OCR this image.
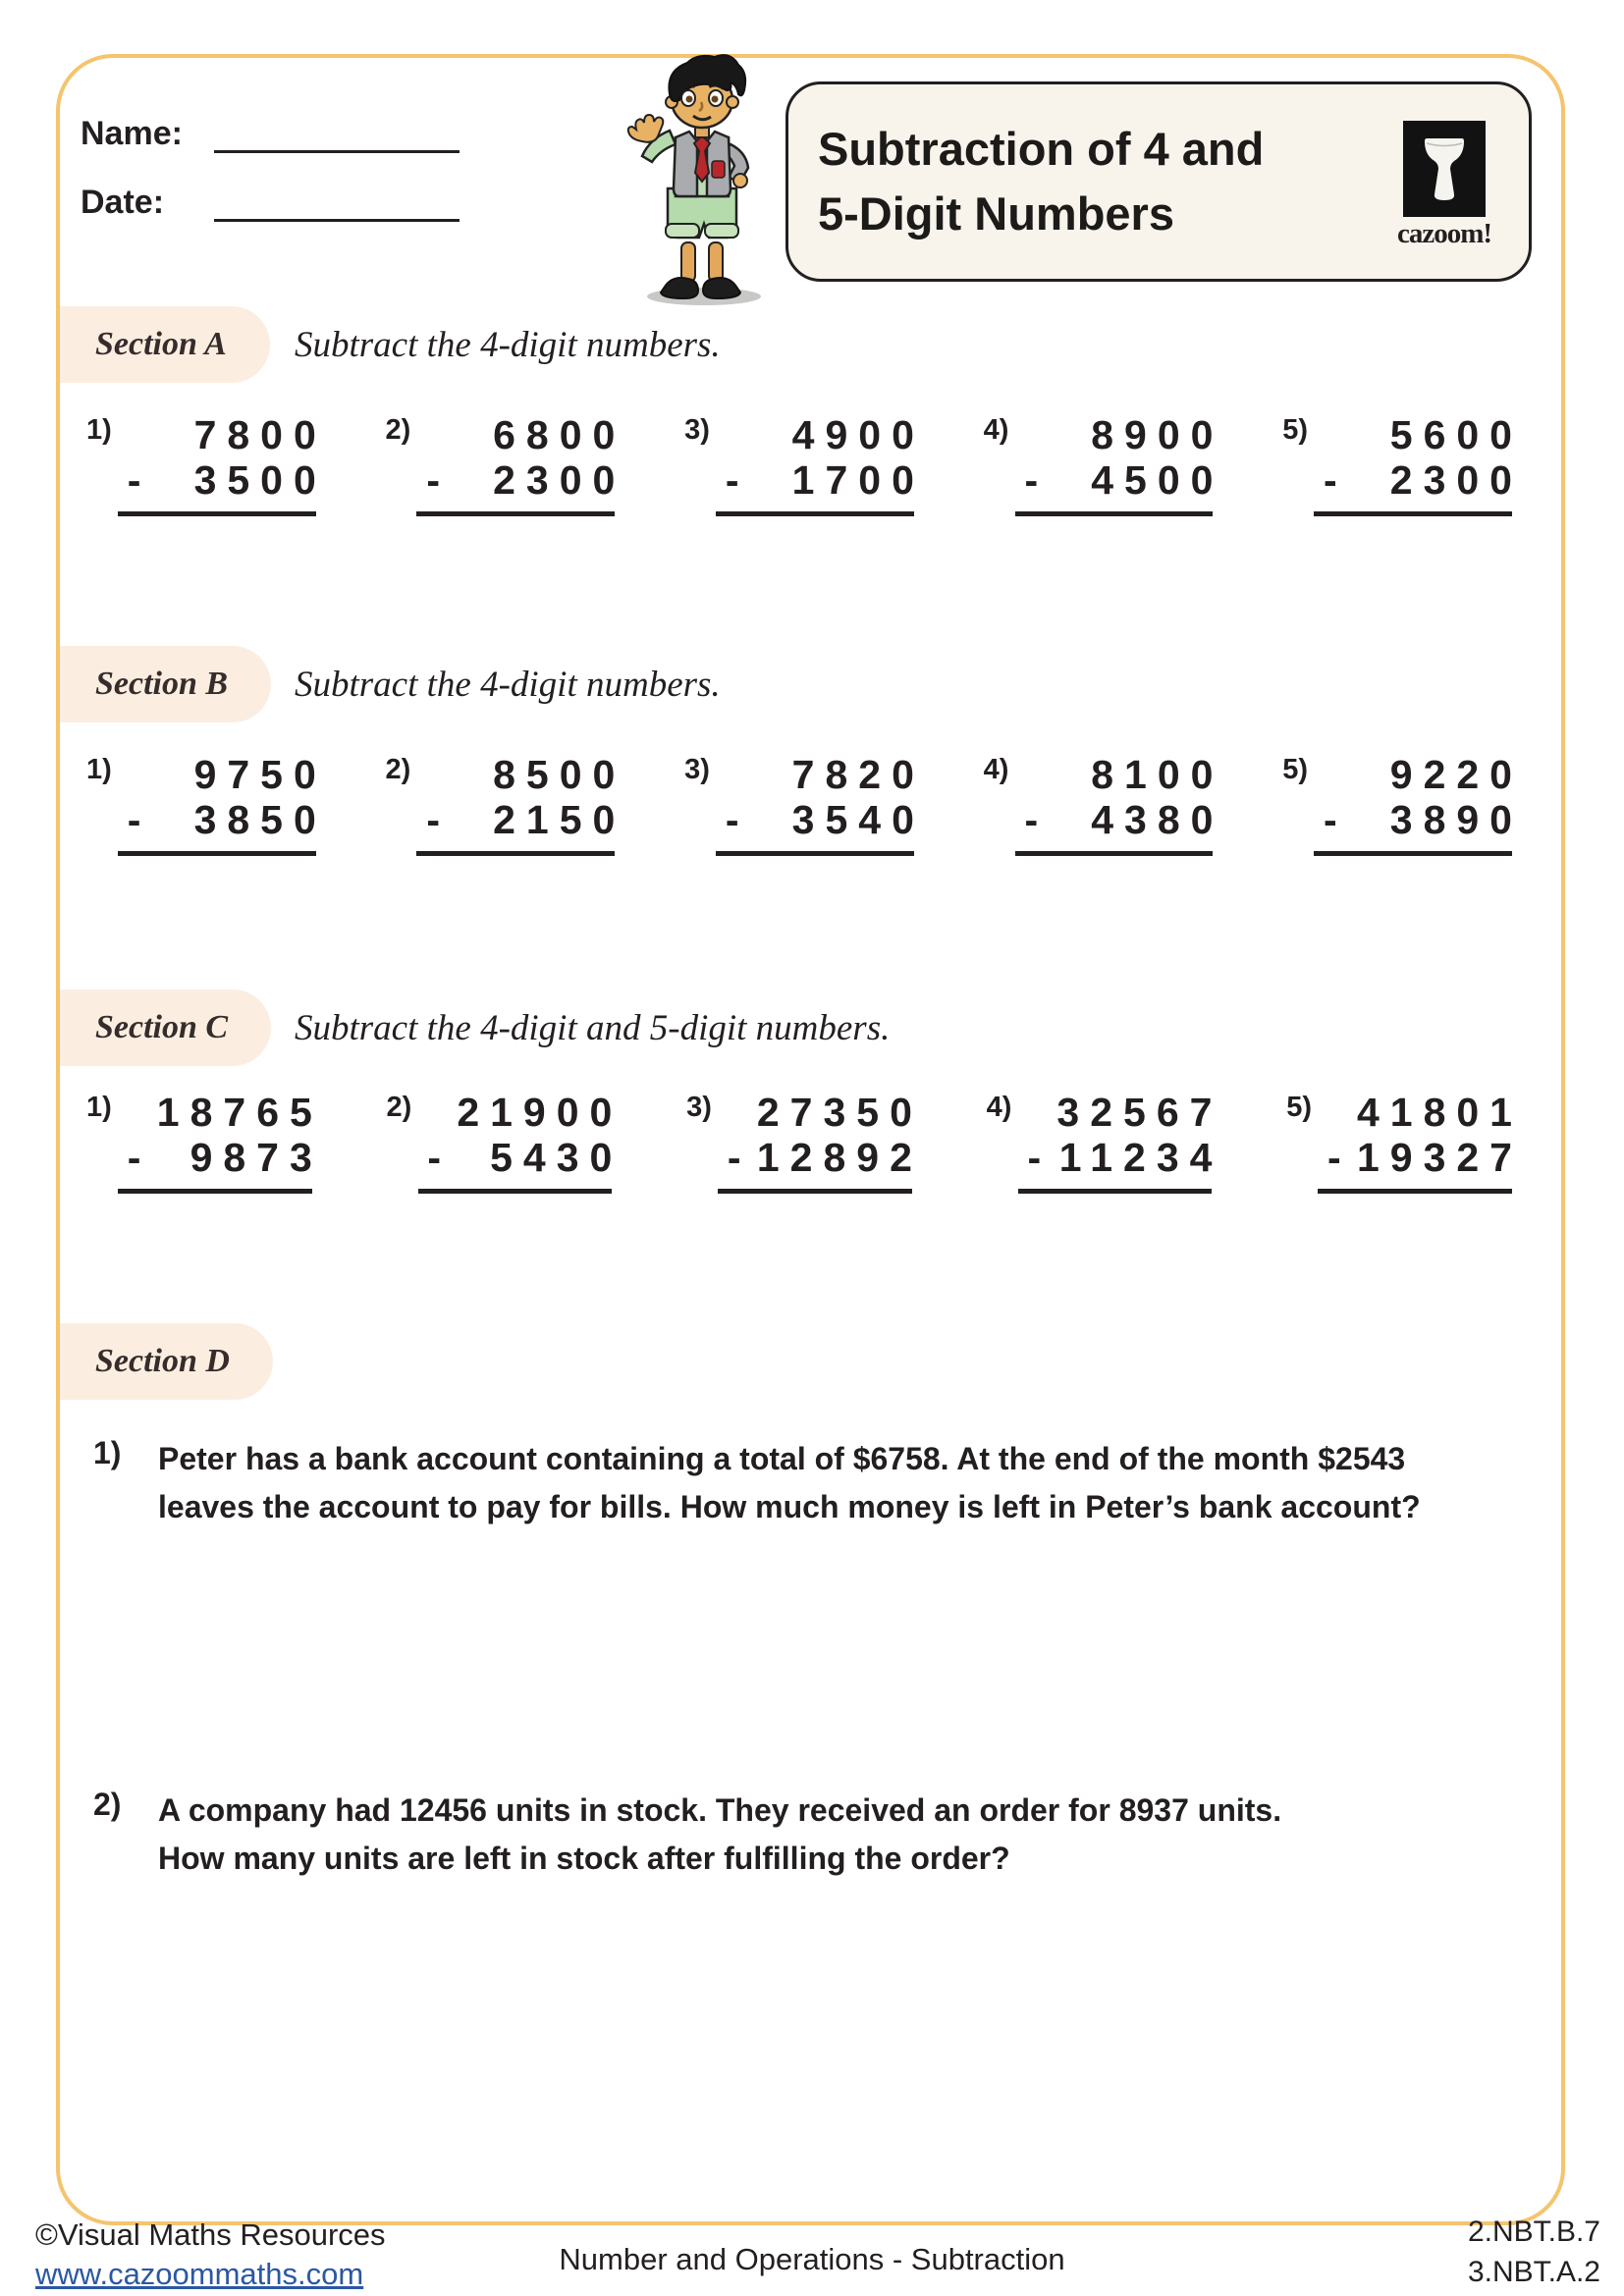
Name:
Date:
Subtraction of 4 and
5-Digit Numbers	cazoom!
Section A Subtract the 4-digit numbers.
1) 7800
- 3500
2) 6800
- 2300
3) 4900
- 1700
4) 8900
- 4500
5) 5600
- 2300
Section B Subtract the 4-digit numbers.
1) 9750
- 3850
2) 8500
- 2150
3) 7820
- 3540
4) 8100
- 4380
5) 9220
- 3890
Section C Subtract the 4-digit and 5-digit numbers.
1) 18765
- 9873
2) 21900
- 5430
3) 27350
- 12892
4) 32567
- 11234
5) 41801
- 19327
Section D
1)	Peter has a bank account containing a total of $6758. At the end of the month $2543
leaves the account to pay for bills. How much money is left in Peter’s bank account?
2)	A company had 12456 units in stock. They received an order for 8937 units.
How many units are left in stock after fulfilling the order?
©Visual Maths Resources
www.cazoommaths.com	Number and Operations - Subtraction
2.NBT.B.7
3.NBT.A.2
